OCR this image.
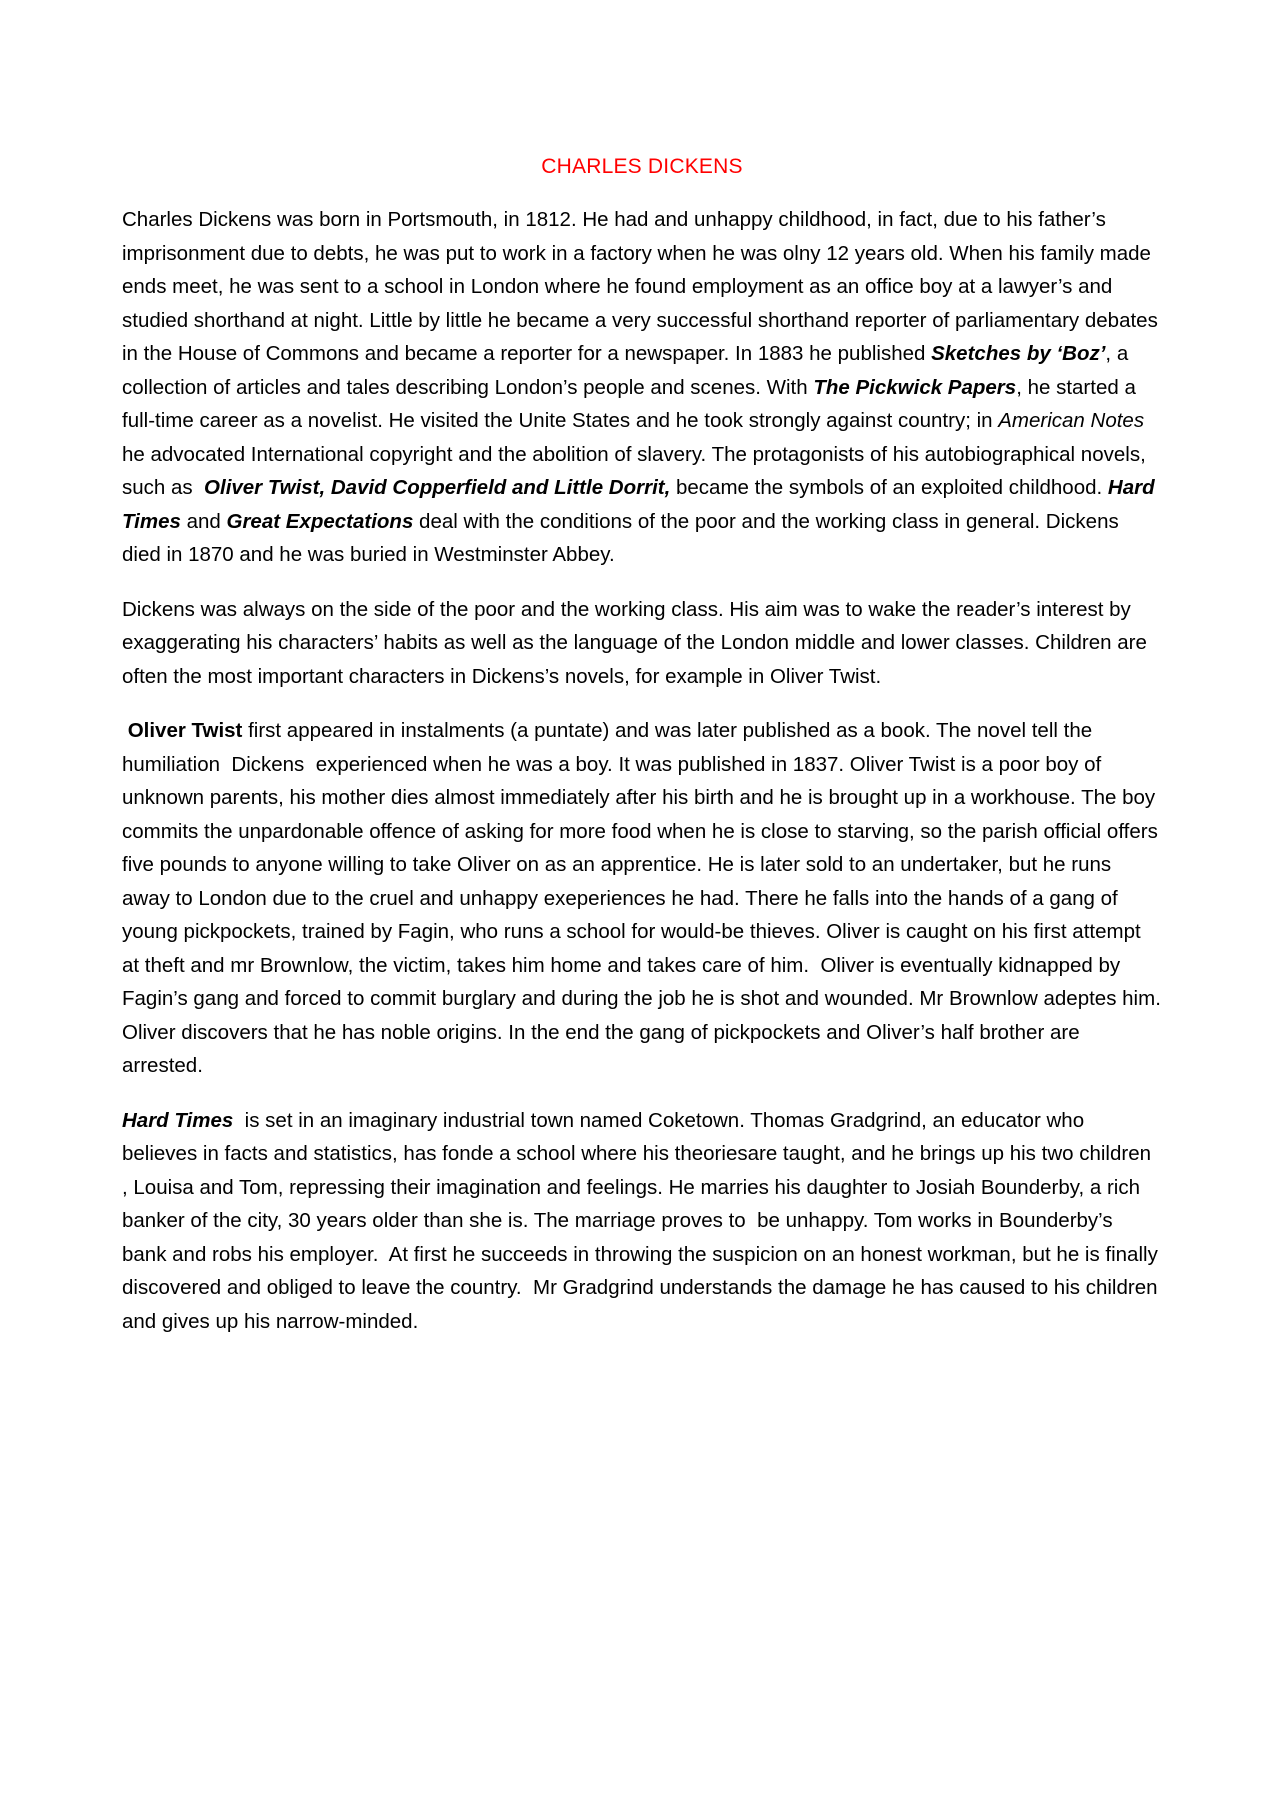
CHARLES DICKENS

Charles Dickens was born in Portsmouth, in 1812. He had and unhappy childhood, in fact, due to his father’s imprisonment due to debts, he was put to work in a factory when he was olny 12 years old. When his family made ends meet, he was sent to a school in London where he found employment as an office boy at a lawyer’s and studied shorthand at night. Little by little he became a very successful shorthand reporter of parliamentary debates in the House of Commons and became a reporter for a newspaper. In 1883 he published Sketches by ‘Boz’, a collection of articles and tales describing London’s people and scenes. With The Pickwick Papers, he started a full-time career as a novelist. He visited the Unite States and he took strongly against country; in American Notes he advocated International copyright and the abolition of slavery. The protagonists of his autobiographical novels, such as  Oliver Twist, David Copperfield and Little Dorrit, became the symbols of an exploited childhood. Hard Times and Great Expectations deal with the conditions of the poor and the working class in general. Dickens died in 1870 and he was buried in Westminster Abbey.

Dickens was always on the side of the poor and the working class. His aim was to wake the reader’s interest by exaggerating his characters’ habits as well as the language of the London middle and lower classes. Children are often the most important characters in Dickens’s novels, for example in Oliver Twist.

Oliver Twist first appeared in instalments (a puntate) and was later published as a book. The novel tell the humiliation  Dickens  experienced when he was a boy. It was published in 1837. Oliver Twist is a poor boy of unknown parents, his mother dies almost immediately after his birth and he is brought up in a workhouse. The boy commits the unpardonable offence of asking for more food when he is close to starving, so the parish official offers five pounds to anyone willing to take Oliver on as an apprentice. He is later sold to an undertaker, but he runs away to London due to the cruel and unhappy exeperiences he had. There he falls into the hands of a gang of young pickpockets, trained by Fagin, who runs a school for would-be thieves. Oliver is caught on his first attempt at theft and mr Brownlow, the victim, takes him home and takes care of him.  Oliver is eventually kidnapped by Fagin’s gang and forced to commit burglary and during the job he is shot and wounded. Mr Brownlow adeptes him. Oliver discovers that he has noble origins. In the end the gang of pickpockets and Oliver’s half brother are arrested.

Hard Times  is set in an imaginary industrial town named Coketown. Thomas Gradgrind, an educator who believes in facts and statistics, has fonde a school where his theoriesare taught, and he brings up his two children , Louisa and Tom, repressing their imagination and feelings. He marries his daughter to Josiah Bounderby, a rich banker of the city, 30 years older than she is. The marriage proves to  be unhappy. Tom works in Bounderby’s bank and robs his employer.  At first he succeeds in throwing the suspicion on an honest workman, but he is finally discovered and obliged to leave the country.  Mr Gradgrind understands the damage he has caused to his children and gives up his narrow-minded.
